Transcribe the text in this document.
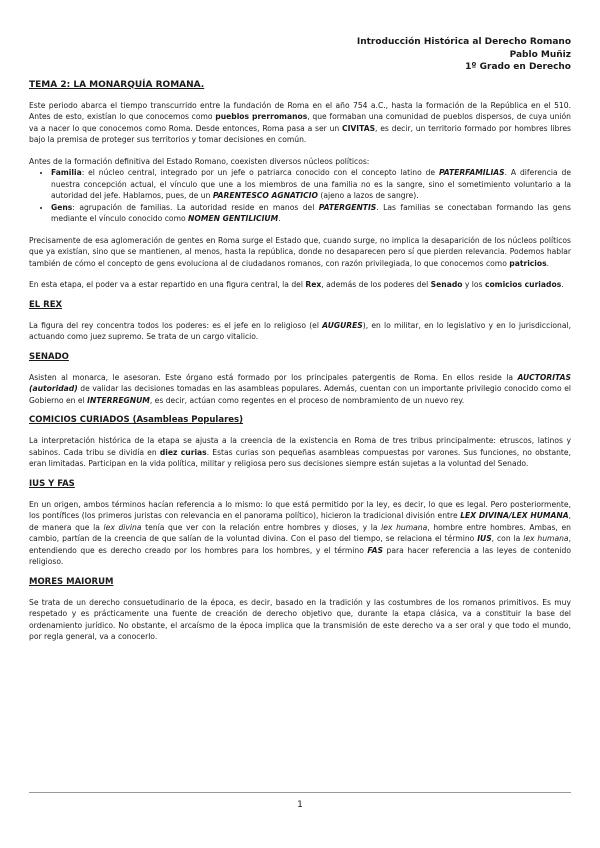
Introducción Histórica al Derecho Romano
Pablo Muñiz
1º Grado en Derecho
TEMA 2: LA MONARQUÍA ROMANA.

Este periodo abarca el tiempo transcurrido entre la fundación de Roma en el año 754 a.C., hasta la formación de la República en el 510. Antes de esto, existían lo que conocemos como pueblos prerromanos, que formaban una comunidad de pueblos dispersos, de cuya unión va a nacer lo que conocemos como Roma. Desde entonces, Roma pasa a ser un CIVITAS, es decir, un territorio formado por hombres libres bajo la premisa de proteger sus territorios y tomar decisiones en común.

Antes de la formación definitiva del Estado Romano, coexisten diversos núcleos políticos:

• Familia: el núcleo central, integrado por un jefe o patriarca conocido con el concepto latino de PATERFAMILIAS. A diferencia de nuestra concepción actual, el vínculo que une a los miembros de una familia no es la sangre, sino el sometimiento voluntario a la autoridad del jefe. Hablamos, pues, de un PARENTESCO AGNATICIO (ajeno a lazos de sangre).
• Gens: agrupación de familias. La autoridad reside en manos del PATERGENTIS. Las familias se conectaban formando las gens mediante el vínculo conocido como NOMEN GENTILICIUM.

Precisamente de esa aglomeración de gentes en Roma surge el Estado que, cuando surge, no implica la desaparición de los núcleos políticos que ya existían, sino que se mantienen, al menos, hasta la república, donde no desaparecen pero sí que pierden relevancia. Podemos hablar también de cómo el concepto de gens evoluciona al de ciudadanos romanos, con razón privilegiada, lo que conocemos como patricios.

En esta etapa, el poder va a estar repartido en una figura central, la del Rex, además de los poderes del Senado y los comicios curiados.

EL REX

La figura del rey concentra todos los poderes: es el jefe en lo religioso (el AUGURES), en lo militar, en lo legislativo y en lo jurisdiccional, actuando como juez supremo. Se trata de un cargo vitalicio.

SENADO

Asisten al monarca, le asesoran. Este órgano está formado por los principales patergentis de Roma. En ellos reside la AUCTORITAS (autoridad) de validar las decisiones tomadas en las asambleas populares. Además, cuentan con un importante privilegio conocido como el Gobierno en el INTERREGNUM, es decir, actúan como regentes en el proceso de nombramiento de un nuevo rey.

COMICIOS CURIADOS (Asambleas Populares)

La interpretación histórica de la etapa se ajusta a la creencia de la existencia en Roma de tres tribus principalmente: etruscos, latinos y sabinos. Cada tribu se dividía en diez curias. Estas curias son pequeñas asambleas compuestas por varones. Sus funciones, no obstante, eran limitadas. Participan en la vida política, militar y religiosa pero sus decisiones siempre están sujetas a la voluntad del Senado.

IUS Y FAS

En un origen, ambos términos hacían referencia a lo mismo: lo que está permitido por la ley, es decir, lo que es legal. Pero posteriormente, los pontífices (los primeros juristas con relevancia en el panorama político), hicieron la tradicional división entre LEX DIVINA/LEX HUMANA, de manera que la lex divina tenía que ver con la relación entre hombres y dioses, y la lex humana, hombre entre hombres. Ambas, en cambio, partían de la creencia de que salían de la voluntad divina. Con el paso del tiempo, se relaciona el término IUS, con la lex humana, entendiendo que es derecho creado por los hombres para los hombres, y el término FAS para hacer referencia a las leyes de contenido religioso.

MORES MAIORUM

Se trata de un derecho consuetudinario de la época, es decir, basado en la tradición y las costumbres de los romanos primitivos. Es muy respetado y es prácticamente una fuente de creación de derecho objetivo que, durante la etapa clásica, va a constituir la base del ordenamiento jurídico. No obstante, el arcaísmo de la época implica que la transmisión de este derecho va a ser oral y que todo el mundo, por regla general, va a conocerlo.

1
